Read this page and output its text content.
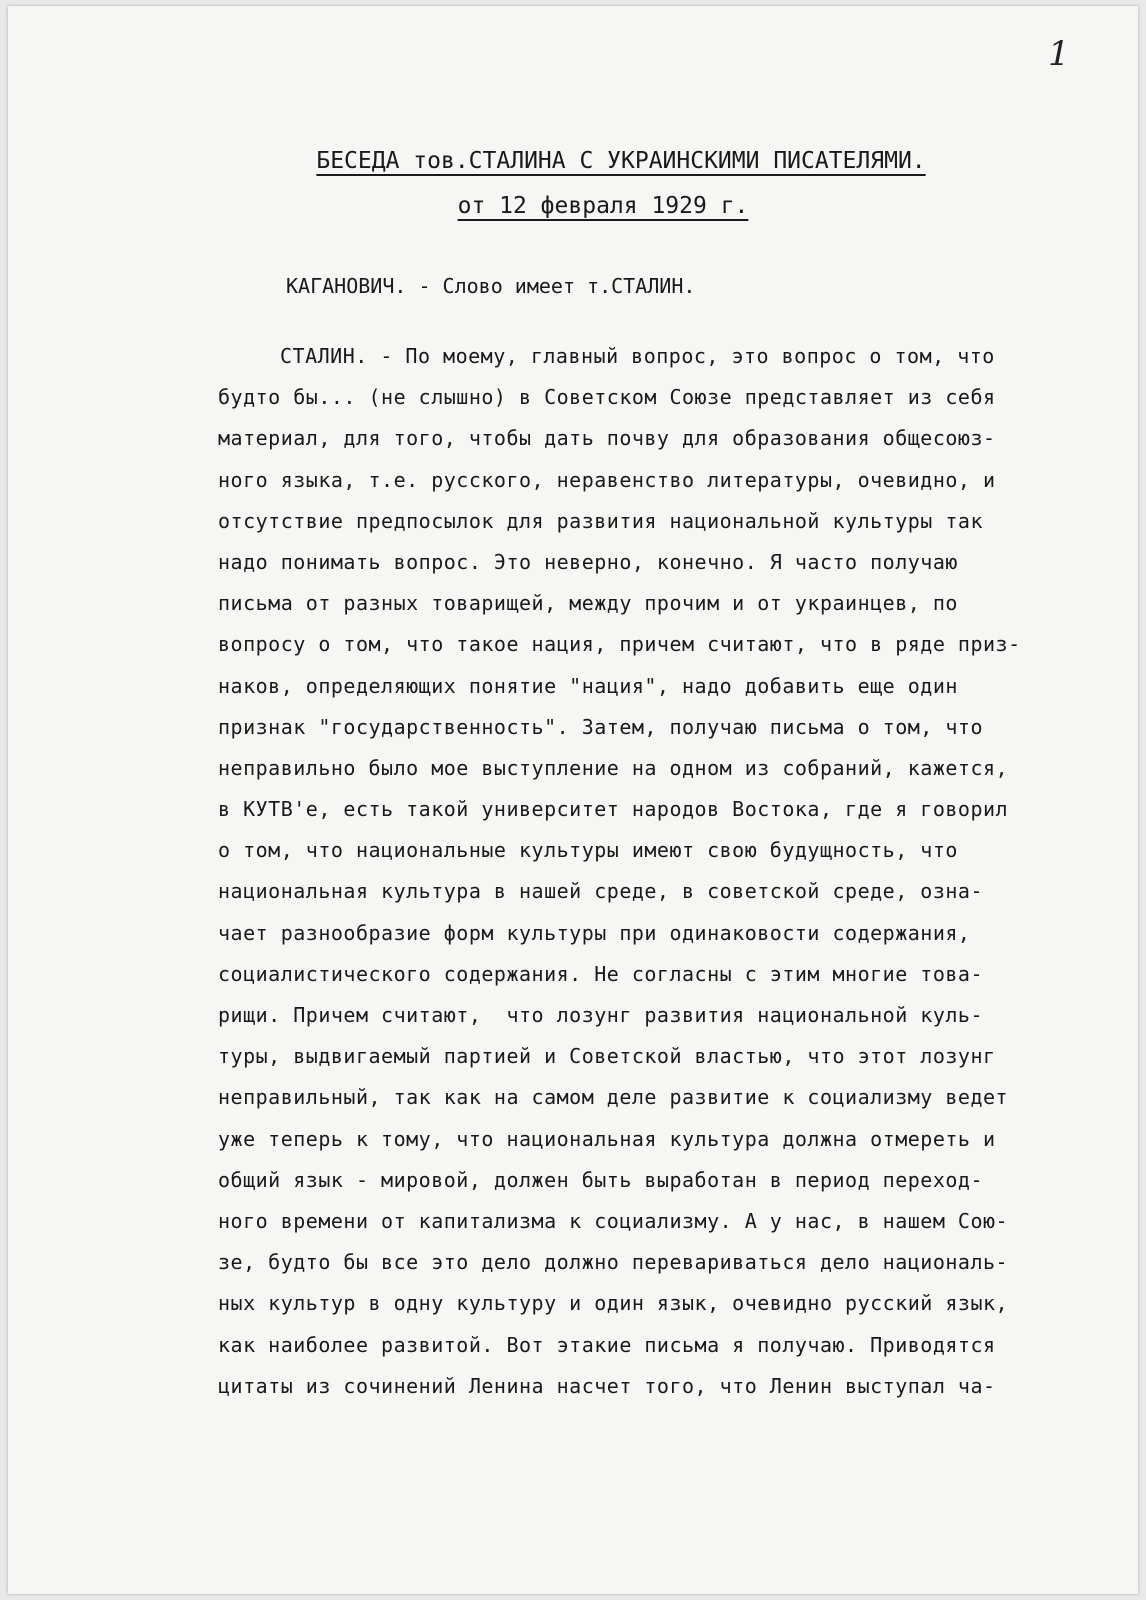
1
БЕСЕДА тов.СТАЛИНА С УКРАИНСКИМИ ПИСАТЕЛЯМИ.
от 12 февраля 1929 г.
КАГАНОВИЧ. - Слово имеет т.СТАЛИН.
СТАЛИН. - По моему, главный вопрос, это вопрос о том, что
будто бы... (не слышно) в Советском Союзе представляет из себя
материал, для того, чтобы дать почву для образования общесоюз-
ного языка, т.е. русского, неравенство литературы, очевидно, и
отсутствие предпосылок для развития национальной культуры так
надо понимать вопрос. Это неверно, конечно. Я часто получаю
письма от разных товарищей, между прочим и от украинцев, по
вопросу о том, что такое нация, причем считают, что в ряде приз-
наков, определяющих понятие "нация", надо добавить еще один
признак "государственность". Затем, получаю письма о том, что
неправильно было мое выступление на одном из собраний, кажется,
в КУТВ'е, есть такой университет народов Востока, где я говорил
о том, что национальные культуры имеют свою будущность, что
национальная культура в нашей среде, в советской среде, озна-
чает разнообразие форм культуры при одинаковости содержания,
социалистического содержания. Не согласны с этим многие това-
рищи. Причем считают,  что лозунг развития национальной куль-
туры, выдвигаемый партией и Советской властью, что этот лозунг
неправильный, так как на самом деле развитие к социализму ведет
уже теперь к тому, что национальная культура должна отмереть и
общий язык - мировой, должен быть выработан в период переход-
ного времени от капитализма к социализму. А у нас, в нашем Сою-
зе, будто бы все это дело должно перевариваться дело националь-
ных культур в одну культуру и один язык, очевидно русский язык,
как наиболее развитой. Вот этакие письма я получаю. Приводятся
цитаты из сочинений Ленина насчет того, что Ленин выступал ча-
